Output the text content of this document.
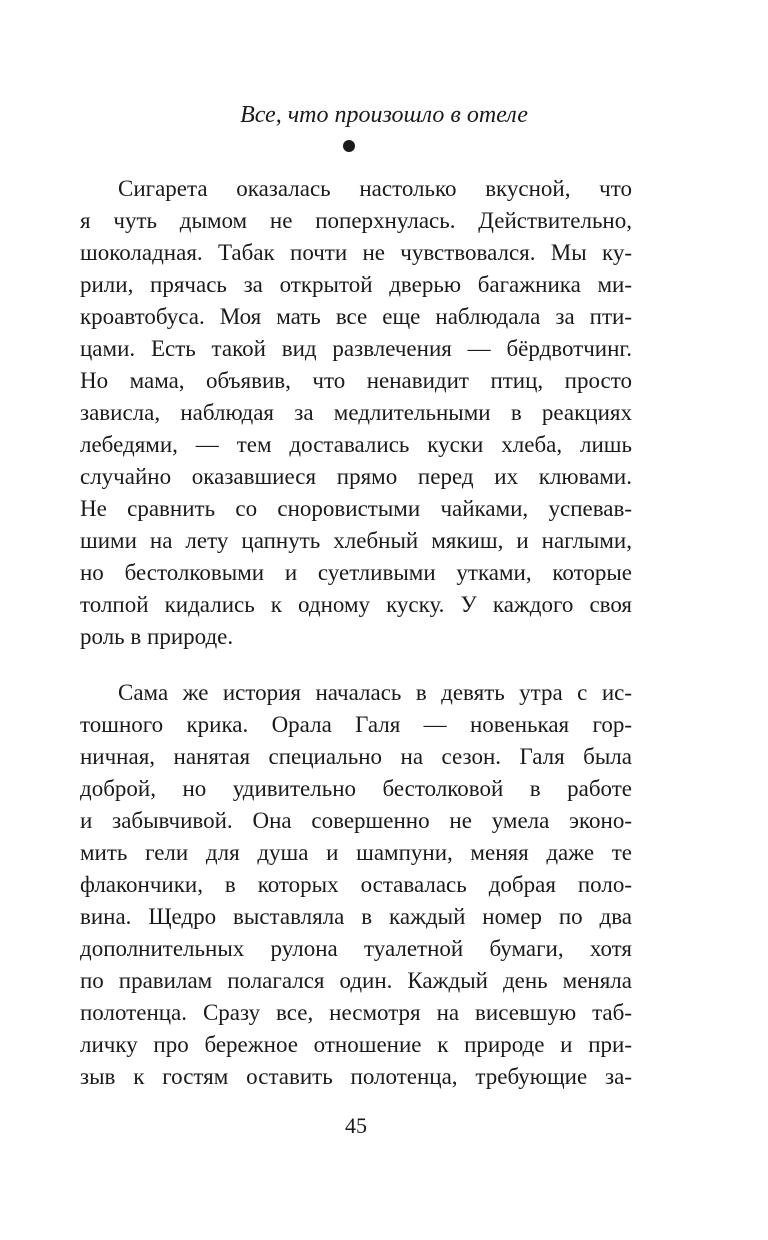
Все, что произошло в отеле
Сигарета оказалась настолько вкусной, что
я чуть дымом не поперхнулась. Действительно,
шоколадная. Табак почти не чувствовался. Мы ку-
рили, прячась за открытой дверью багажника ми-
кроавтобуса. Моя мать все еще наблюдала за пти-
цами. Есть такой вид развлечения — бёрдвотчинг.
Но мама, объявив, что ненавидит птиц, просто
зависла, наблюдая за медлительными в реакциях
лебедями, — тем доставались куски хлеба, лишь
случайно оказавшиеся прямо перед их клювами.
Не сравнить со сноровистыми чайками, успевав-
шими на лету цапнуть хлебный мякиш, и наглыми,
но бестолковыми и суетливыми утками, которые
толпой кидались к одному куску. У каждого своя
роль в природе.
Сама же история началась в девять утра с ис-
тошного крика. Орала Галя — новенькая гор-
ничная, нанятая специально на сезон. Галя была
доброй, но удивительно бестолковой в работе
и забывчивой. Она совершенно не умела эконо-
мить гели для душа и шампуни, меняя даже те
флакончики, в которых оставалась добрая поло-
вина. Щедро выставляла в каждый номер по два
дополнительных рулона туалетной бумаги, хотя
по правилам полагался один. Каждый день меняла
полотенца. Сразу все, несмотря на висевшую таб-
личку про бережное отношение к природе и при-
зыв к гостям оставить полотенца, требующие за-
45
